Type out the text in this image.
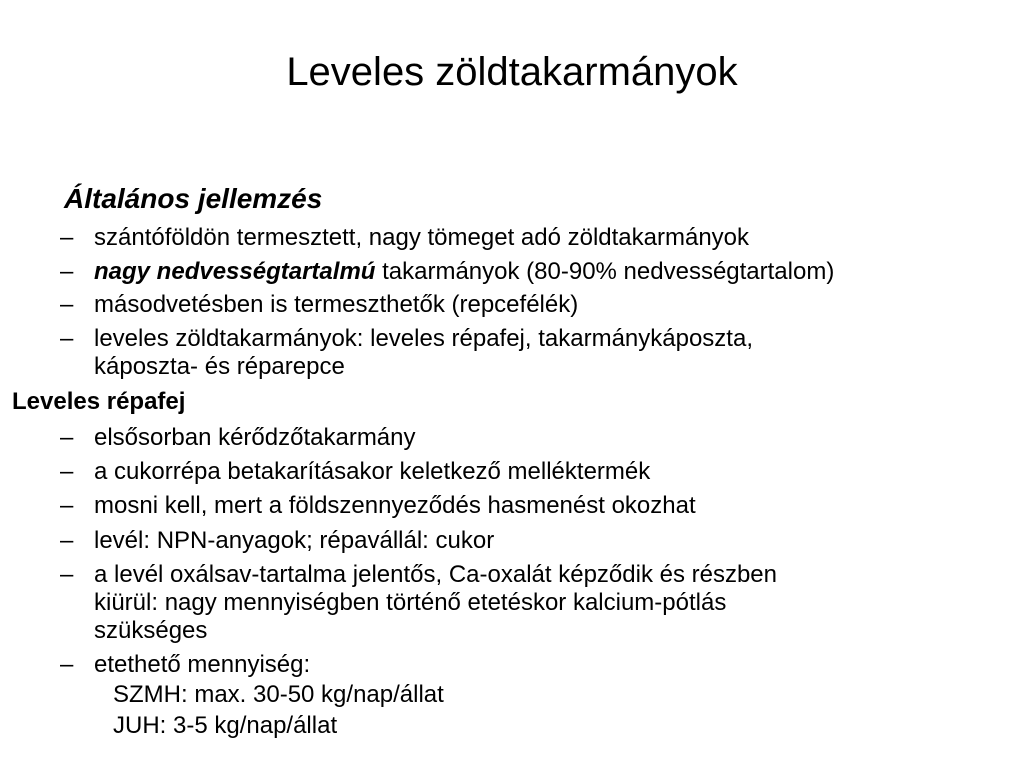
Leveles zöldtakarmányok
Általános jellemzés
– szántóföldön termesztett, nagy tömeget adó zöldtakarmányok
– nagy nedvességtartalmú takarmányok (80-90% nedvességtartalom)
– másodvetésben is termeszthetők (repcefélék)
– leveles zöldtakarmányok: leveles répafej, takarmánykáposzta,
káposzta- és réparepce
Leveles répafej
– elsősorban kérődzőtakarmány
– a cukorrépa betakarításakor keletkező melléktermék
– mosni kell, mert a földszennyeződés hasmenést okozhat
– levél: NPN-anyagok; répavállál: cukor
– a levél oxálsav-tartalma jelentős, Ca-oxalát képződik és részben
kiürül: nagy mennyiségben történő etetéskor kalcium-pótlás
szükséges
– etethető mennyiség:
SZMH: max. 30-50 kg/nap/állat
JUH: 3-5 kg/nap/állat
